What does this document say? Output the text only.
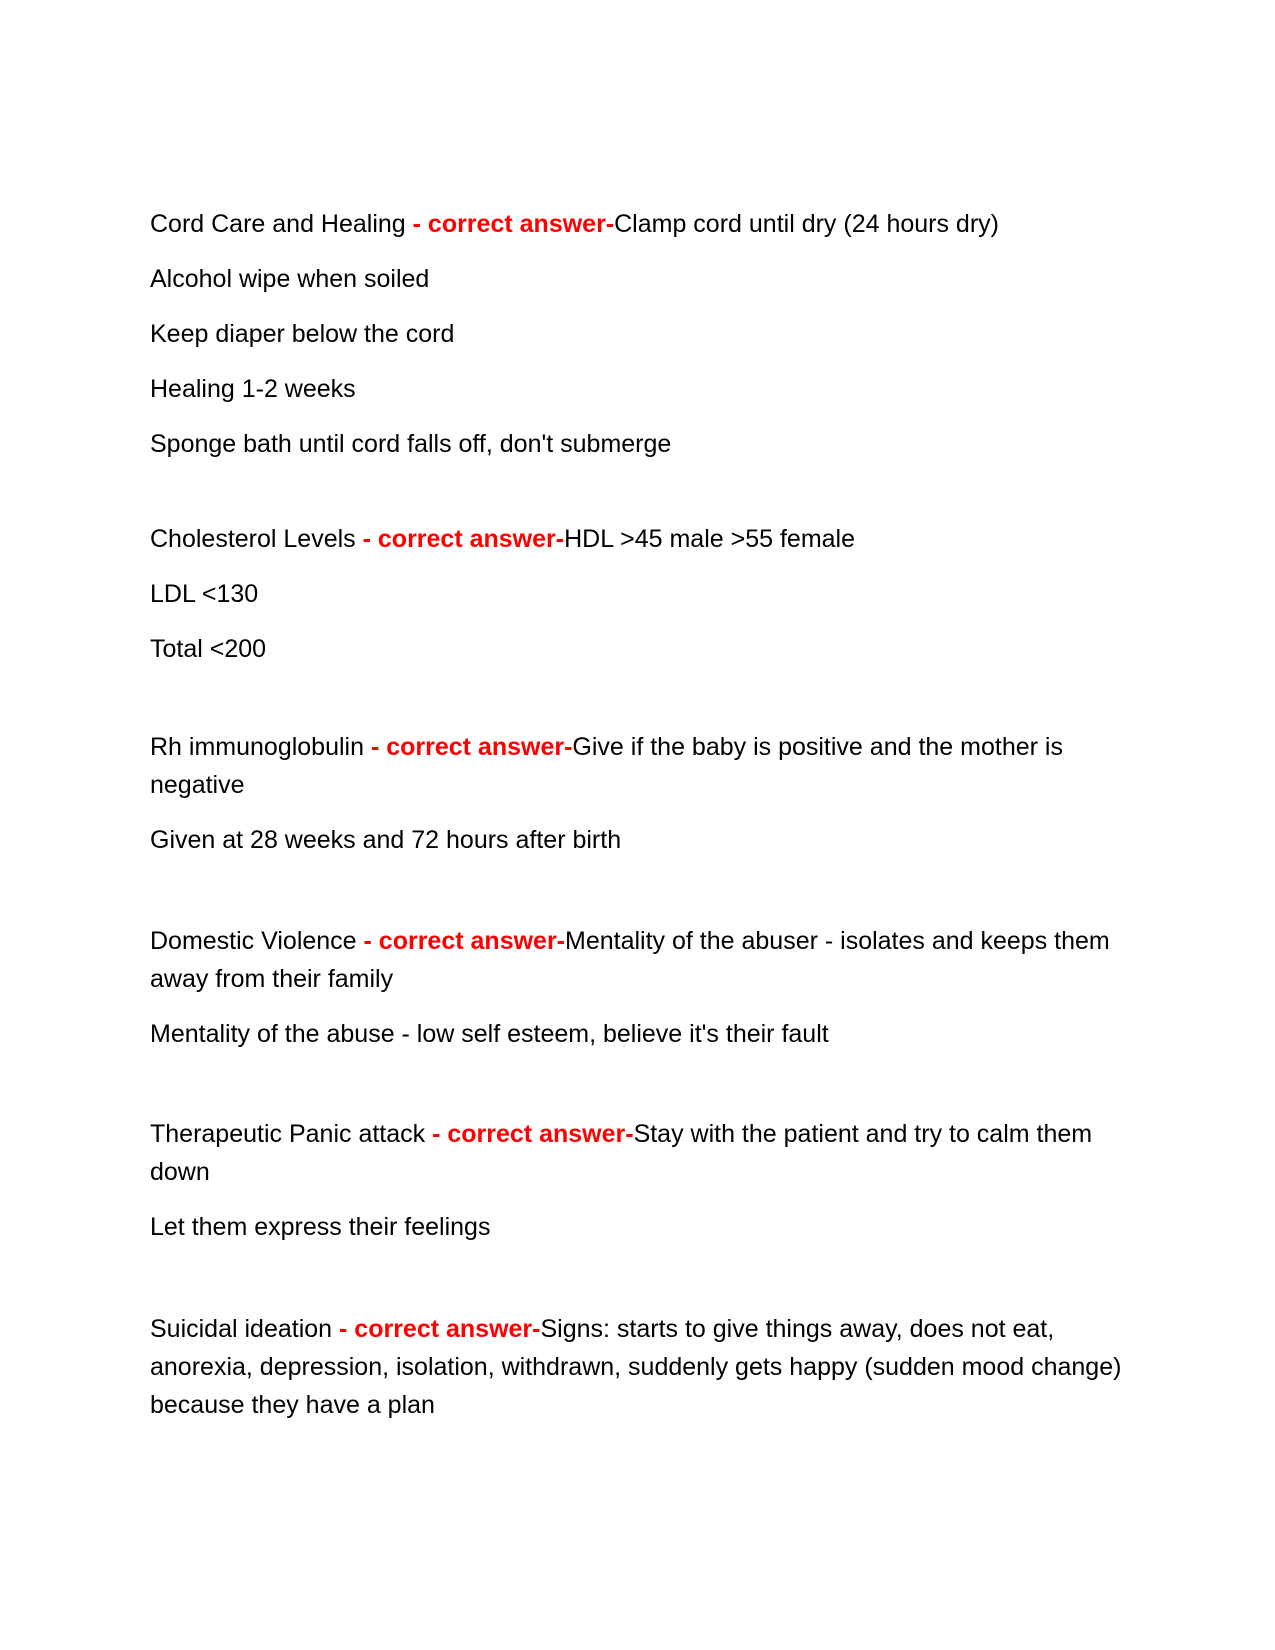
Cord Care and Healing - correct answer-Clamp cord until dry (24 hours dry)
Alcohol wipe when soiled
Keep diaper below the cord
Healing 1-2 weeks
Sponge bath until cord falls off, don't submerge
Cholesterol Levels - correct answer-HDL >45 male >55 female
LDL <130
Total <200
Rh immunoglobulin - correct answer-Give if the baby is positive and the mother is negative
Given at 28 weeks and 72 hours after birth
Domestic Violence - correct answer-Mentality of the abuser - isolates and keeps them away from their family
Mentality of the abuse - low self esteem, believe it's their fault
Therapeutic Panic attack - correct answer-Stay with the patient and try to calm them down
Let them express their feelings
Suicidal ideation - correct answer-Signs: starts to give things away, does not eat, anorexia, depression, isolation, withdrawn, suddenly gets happy (sudden mood change) because they have a plan
